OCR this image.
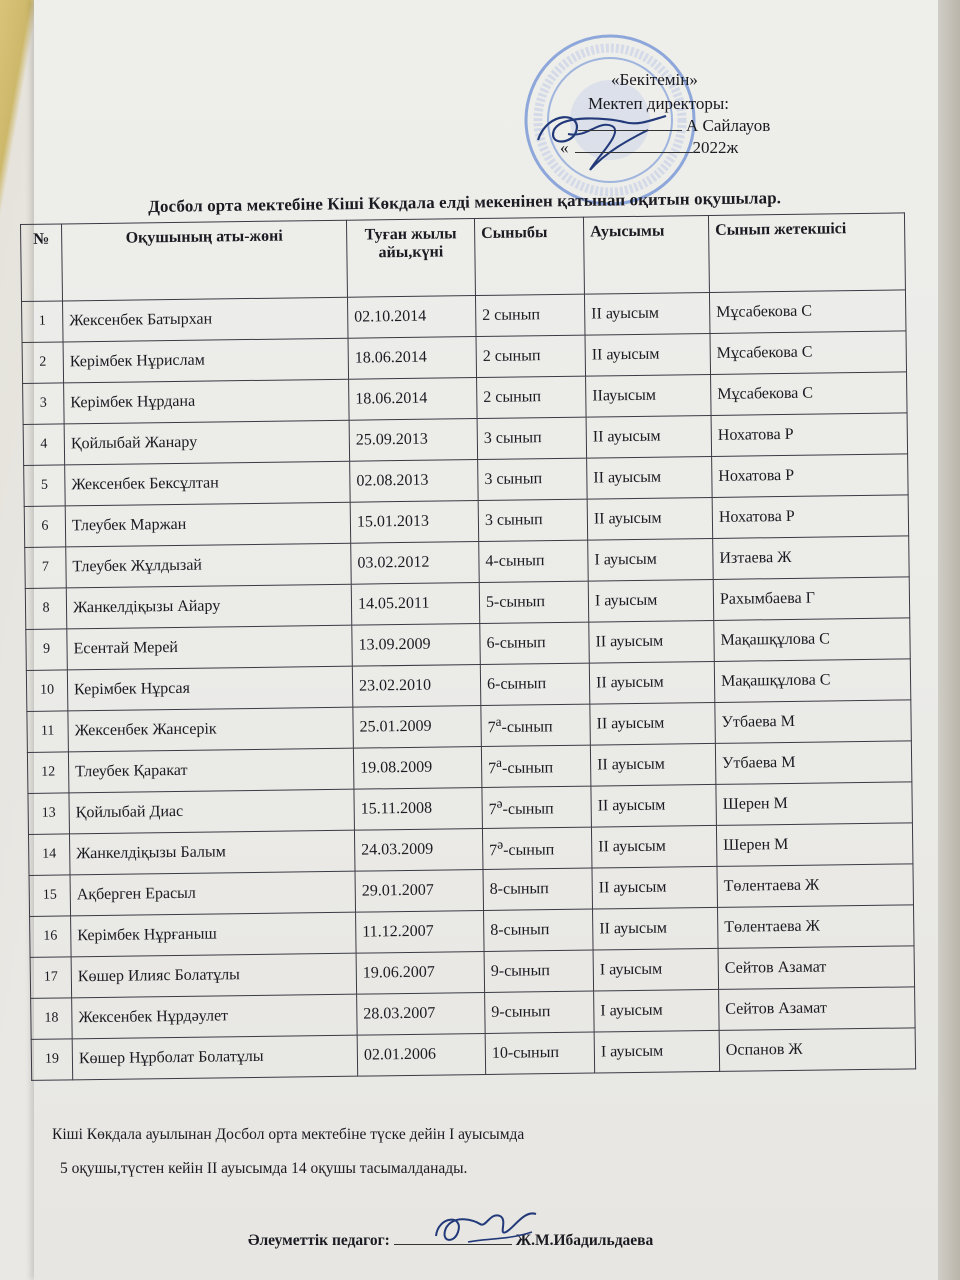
«Бекітемін»
Мектеп директоры:
А Сайлауов
«	2022ж
Досбол орта мектебіне Кіші Көкдала елді мекенінен қатынап оқитын оқушылар.
№	Оқушының аты-жөні	Туған жылы айы,күні	Сыныбы	Ауысымы	Сынып жетекшісі
1	Жексенбек Батырхан	02.10.2014	2 сынып	II ауысым	Мұсабекова С
2	Керімбек Нұрислам	18.06.2014	2 сынып	II ауысым	Мұсабекова С
3	Керімбек Нұрдана	18.06.2014	2 сынып	IIауысым	Мұсабекова С
4	Қойлыбай Жанару	25.09.2013	3 сынып	II ауысым	Нохатова Р
5	Жексенбек Бексұлтан	02.08.2013	3 сынып	II ауысым	Нохатова Р
6	Тлеубек Маржан	15.01.2013	3 сынып	II ауысым	Нохатова Р
7	Тлеубек Жұлдызай	03.02.2012	4-сынып	I ауысым	Изтаева Ж
8	Жанкелдіқызы Айару	14.05.2011	5-сынып	I ауысым	Рахымбаева Г
9	Есентай Мерей	13.09.2009	6-сынып	II ауысым	Мақашқұлова С
10	Керімбек Нұрсая	23.02.2010	6-сынып	II ауысым	Мақашқұлова С
11	Жексенбек Жансерік	25.01.2009	$7^а$-сынып	II ауысым	Утбаева М
12	Тлеубек Қаракат	19.08.2009	$7^а$-сынып	II ауысым	Утбаева М
13	Қойлыбай Диас	15.11.2008	$7^ә$-сынып	II ауысым	Шерен М
14	Жанкелдіқызы Балым	24.03.2009	$7^ә$-сынып	II ауысым	Шерен М
15	Ақберген Ерасыл	29.01.2007	8-сынып	II ауысым	Төлентаева Ж
16	Керімбек Нұрғаныш	11.12.2007	8-сынып	II ауысым	Төлентаева Ж
17	Көшер Илияс Болатұлы	19.06.2007	9-сынып	I ауысым	Сейтов Азамат
18	Жексенбек Нұрдәулет	28.03.2007	9-сынып	I ауысым	Сейтов Азамат
19	Көшер Нұрболат Болатұлы	02.01.2006	10-сынып	I ауысым	Оспанов Ж
Кіші Көкдала ауылынан Досбол орта мектебіне түске дейін I ауысымда
5 оқушы,түстен кейін II ауысымда 14 оқушы тасымалданады.
Әлеуметтік педагог:	Ж.М.Ибадильдаева
